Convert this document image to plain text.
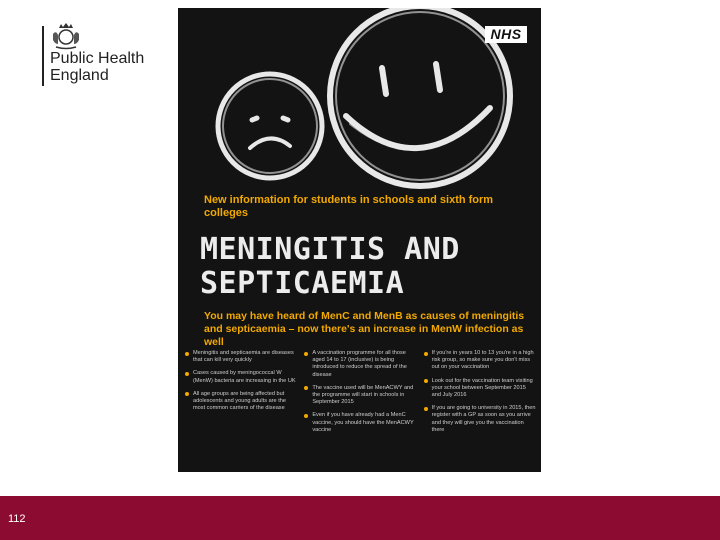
Public Health
England
NHS
New information for students in schools and sixth form colleges
MENINGITIS AND
SEPTICAEMIA
You may have heard of MenC and MenB as causes of meningitis and septicaemia – now there's an increase in MenW infection as well
Meningitis and septicaemia are diseases that can kill very quickly
Cases caused by meningococcal W (MenW) bacteria are increasing in the UK
All age groups are being affected but adolescents and young adults are the most common carriers of the disease
A vaccination programme for all those aged 14 to 17 (inclusive) is being introduced to reduce the spread of the disease
The vaccine used will be MenACWY and the programme will start in schools in September 2015
Even if you have already had a MenC vaccine, you should have the MenACWY vaccine
If you're in years 10 to 13 you're in a high risk group, so make sure you don't miss out on your vaccination
Look out for the vaccination team visiting your school between September 2015 and July 2016
If you are going to university in 2015, then register with a GP as soon as you arrive and they will give you the vaccination there
112
